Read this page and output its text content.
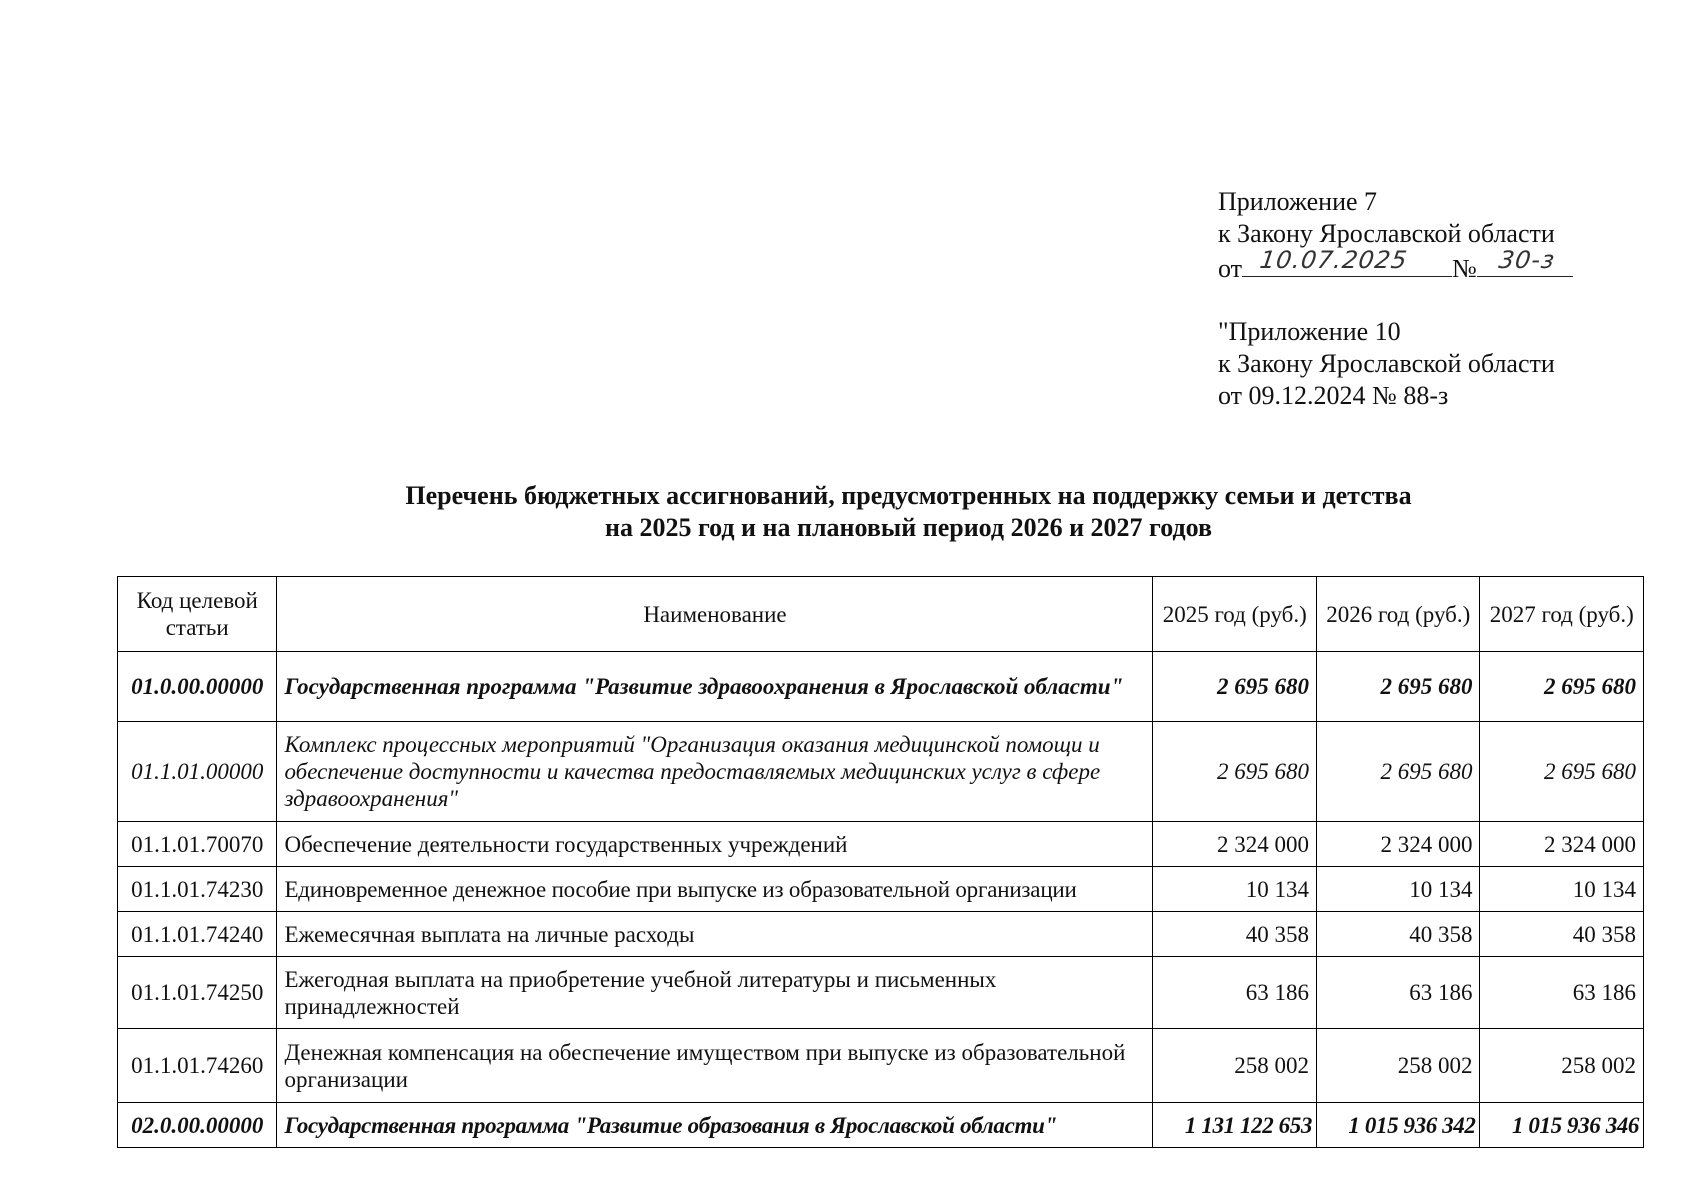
Приложение 7
к Закону Ярославской области
от 10.07.2025 № 30-з
"Приложение 10
к Закону Ярославской области
от 09.12.2024 № 88-з
Перечень бюджетных ассигнований, предусмотренных на поддержку семьи и детства
на 2025 год и на плановый период 2026 и 2027 годов
Код целевой статьи	Наименование	2025 год (руб.)	2026 год (руб.)	2027 год (руб.)
01.0.00.00000	Государственная программа "Развитие здравоохранения в Ярославской области"	2 695 680	2 695 680	2 695 680
01.1.01.00000	Комплекс процессных мероприятий "Организация оказания медицинской помощи и обеспечение доступности и качества предоставляемых медицинских услуг в сфере здравоохранения"	2 695 680	2 695 680	2 695 680
01.1.01.70070	Обеспечение деятельности государственных учреждений	2 324 000	2 324 000	2 324 000
01.1.01.74230	Единовременное денежное пособие при выпуске из образовательной организации	10 134	10 134	10 134
01.1.01.74240	Ежемесячная выплата на личные расходы	40 358	40 358	40 358
01.1.01.74250	Ежегодная выплата на приобретение учебной литературы и письменных принадлежностей	63 186	63 186	63 186
01.1.01.74260	Денежная компенсация на обеспечение имуществом при выпуске из образовательной организации	258 002	258 002	258 002
02.0.00.00000	Государственная программа "Развитие образования в Ярославской области"	1 131 122 653	1 015 936 342	1 015 936 346
